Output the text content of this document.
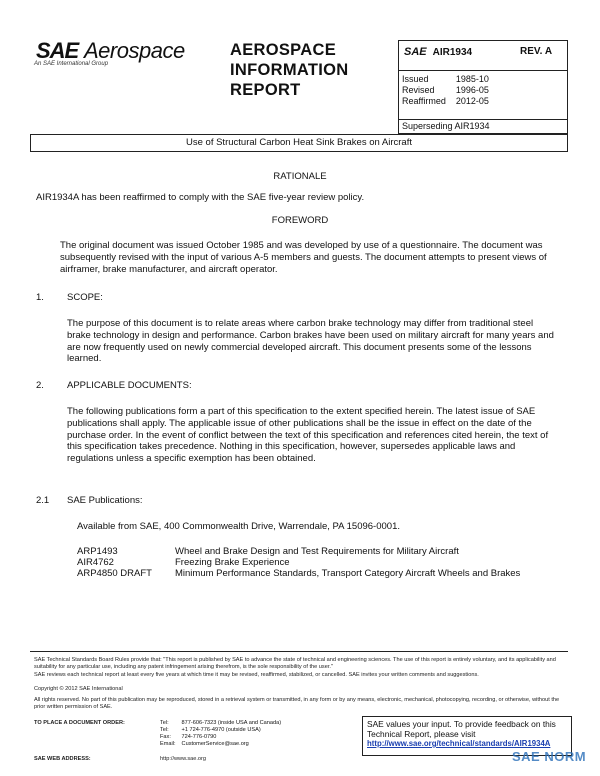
SAE Aerospace
An SAE International Group
AEROSPACE
INFORMATION
REPORT
SAE AIR1934	REV. A
Issued	1985-10
Revised	1996-05
Reaffirmed	2012-05
Superseding AIR1934
Use of Structural Carbon Heat Sink Brakes on Aircraft
RATIONALE
AIR1934A has been reaffirmed to comply with the SAE five-year review policy.
FOREWORD
The original document was issued October 1985 and was developed by use of a questionnaire. The document was subsequently revised with the input of various A-5 members and guests. The document attempts to present views of airframer, brake manufacturer, and aircraft operator.
1. SCOPE:
The purpose of this document is to relate areas where carbon brake technology may differ from traditional steel brake technology in design and performance. Carbon brakes have been used on military aircraft for many years and are now frequently used on newly commercial developed aircraft. This document presents some of the lessons learned.
2. APPLICABLE DOCUMENTS:
The following publications form a part of this specification to the extent specified herein. The latest issue of SAE publications shall apply. The applicable issue of other publications shall be the issue in effect on the date of the purchase order. In the event of conflict between the text of this specification and references cited herein, the text of this specification takes precedence. Nothing in this specification, however, supersedes applicable laws and regulations unless a specific exemption has been obtained.
2.1 SAE Publications:
Available from SAE, 400 Commonwealth Drive, Warrendale, PA 15096-0001.
ARP1493	Wheel and Brake Design and Test Requirements for Military Aircraft
AIR4762	Freezing Brake Experience
ARP4850 DRAFT	Minimum Performance Standards, Transport Category Aircraft Wheels and Brakes
SAE Technical Standards Board Rules provide that: "This report is published by SAE to advance the state of technical and engineering sciences. The use of this report is entirely voluntary, and its applicability and suitability for any particular use, including any patent infringement arising therefrom, is the sole responsibility of the user."
SAE reviews each technical report at least every five years at which time it may be revised, reaffirmed, stabilized, or cancelled. SAE invites your written comments and suggestions.
Copyright © 2012 SAE International
All rights reserved. No part of this publication may be reproduced, stored in a retrieval system or transmitted, in any form or by any means, electronic, mechanical, photocopying, recording, or otherwise, without the prior written permission of SAE.
TO PLACE A DOCUMENT ORDER:	Tel:	877-606-7323 (inside USA and Canada)
Tel:	+1 724-776-4970 (outside USA)
Fax:	724-776-0790
Email:	CustomerService@sae.org
SAE WEB ADDRESS:	http://www.sae.org
SAE values your input. To provide feedback on this Technical Report, please visit
http://www.sae.org/technical/standards/AIR1934A
SAE NORM
